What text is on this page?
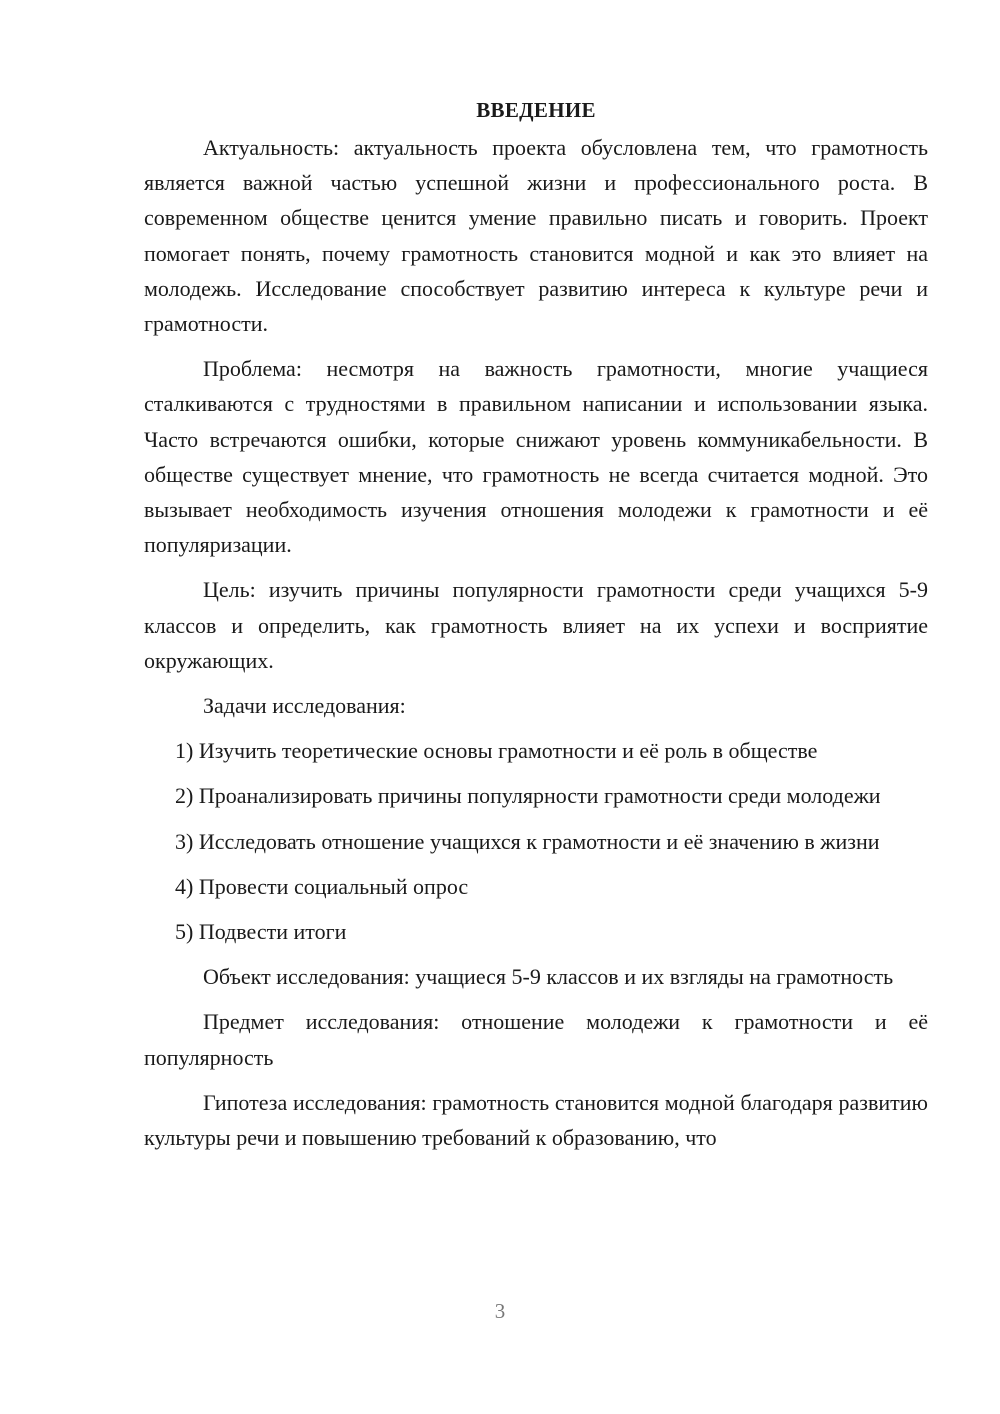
ВВЕДЕНИЕ

Актуальность: актуальность проекта обусловлена тем, что грамотность является важной частью успешной жизни и профессионального роста. В современном обществе ценится умение правильно писать и говорить. Проект помогает понять, почему грамотность становится модной и как это влияет на молодежь. Исследование способствует развитию интереса к культуре речи и грамотности.

Проблема: несмотря на важность грамотности, многие учащиеся сталкиваются с трудностями в правильном написании и использовании языка. Часто встречаются ошибки, которые снижают уровень коммуникабельности. В обществе существует мнение, что грамотность не всегда считается модной. Это вызывает необходимость изучения отношения молодежи к грамотности и её популяризации.

Цель: изучить причины популярности грамотности среди учащихся 5-9 классов и определить, как грамотность влияет на их успехи и восприятие окружающих.

Задачи исследования:

1) Изучить теоретические основы грамотности и её роль в обществе

2) Проанализировать причины популярности грамотности среди молодежи

3) Исследовать отношение учащихся к грамотности и её значению в жизни

4) Провести социальный опрос

5) Подвести итоги

Объект исследования: учащиеся 5-9 классов и их взгляды на грамотность

Предмет исследования: отношение молодежи к грамотности и её популярность

Гипотеза исследования: грамотность становится модной благодаря развитию культуры речи и повышению требований к образованию, что

3
